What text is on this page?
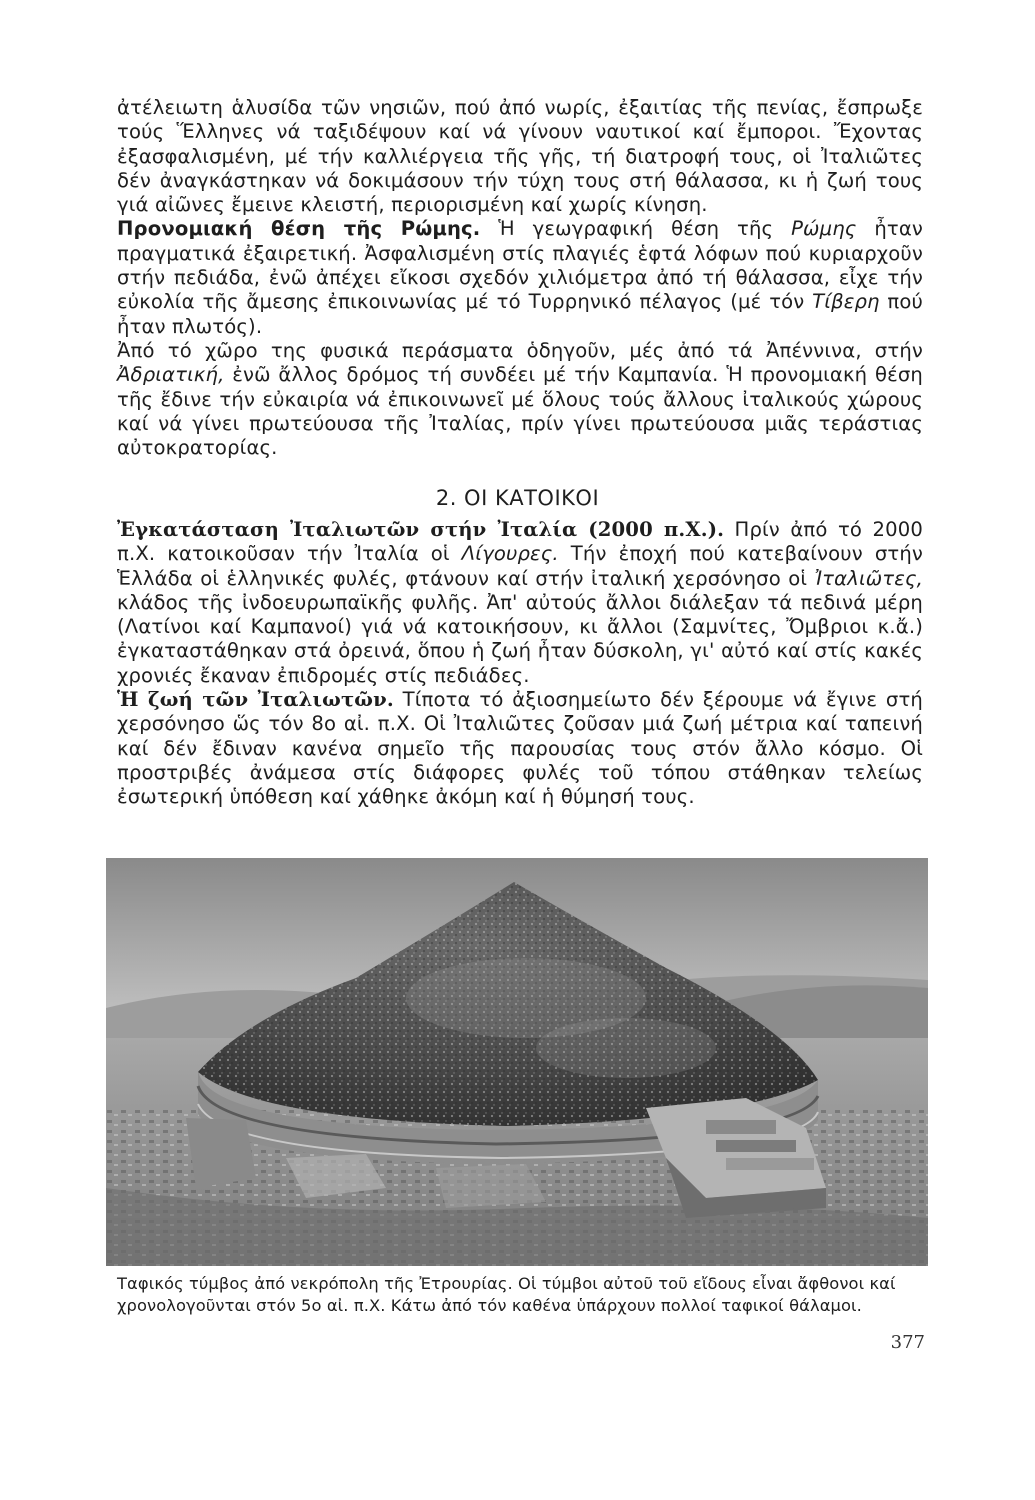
ἀτέλειωτη ἁλυσίδα τῶν νησιῶν, πού ἀπό νωρίς, ἐξαιτίας τῆς πενίας, ἔσπρωξε τούς Ἕλληνες νά ταξιδέψουν καί νά γίνουν ναυτικοί καί ἔμποροι. Ἔχοντας ἐξασφαλισμένη, μέ τήν καλλιέργεια τῆς γῆς, τή διατροφή τους, οἱ Ἰταλιῶτες δέν ἀναγκάστηκαν νά δοκιμάσουν τήν τύχη τους στή θάλασσα, κι ἡ ζωή τους γιά αἰῶνες ἔμεινε κλειστή, περιορισμένη καί χωρίς κίνηση.

Προνομιακή θέση τῆς Ρώμης. Ἡ γεωγραφική θέση τῆς Ρώμης ἦταν πραγματικά ἐξαιρετική. Ἀσφαλισμένη στίς πλαγιές ἑφτά λόφων πού κυριαρχοῦν στήν πεδιάδα, ἐνῶ ἀπέχει εἴκοσι σχεδόν χιλιόμετρα ἀπό τή θάλασσα, εἶχε τήν εὐκολία τῆς ἄμεσης ἐπικοινωνίας μέ τό Τυρρηνικό πέλαγος (μέ τόν Τίβερη πού ἦταν πλωτός).

Ἀπό τό χῶρο της φυσικά περάσματα ὁδηγοῦν, μές ἀπό τά Ἀπέννινα, στήν Ἀδριατική, ἐνῶ ἄλλος δρόμος τή συνδέει μέ τήν Καμπανία. Ἡ προνομιακή θέση τῆς ἔδινε τήν εὐκαιρία νά ἐπικοινωνεῖ μέ ὅλους τούς ἄλλους ἰταλικούς χώρους καί νά γίνει πρωτεύουσα τῆς Ἰταλίας, πρίν γίνει πρωτεύουσα μιᾶς τεράστιας αὐτοκρατορίας.

2. ΟΙ ΚΑΤΟΙΚΟΙ

Ἐγκατάσταση Ἰταλιωτῶν στήν Ἰταλία (2000 π.Χ.). Πρίν ἀπό τό 2000 π.Χ. κατοικοῦσαν τήν Ἰταλία οἱ Λίγουρες. Τήν ἐποχή πού κατεβαίνουν στήν Ἑλλάδα οἱ ἑλληνικές φυλές, φτάνουν καί στήν ἰταλική χερσόνησο οἱ Ἰταλιῶτες, κλάδος τῆς ἰνδοευρωπαϊκῆς φυλῆς. Ἀπ' αὐτούς ἄλλοι διάλεξαν τά πεδινά μέρη (Λατίνοι καί Καμπανοί) γιά νά κατοικήσουν, κι ἄλλοι (Σαμνίτες, Ὄμβριοι κ.ἄ.) ἐγκαταστάθηκαν στά ὀρεινά, ὅπου ἡ ζωή ἦταν δύσκολη, γι' αὐτό καί στίς κακές χρονιές ἔκαναν ἐπιδρομές στίς πεδιάδες.

Ἡ ζωή τῶν Ἰταλιωτῶν. Τίποτα τό ἀξιοσημείωτο δέν ξέρουμε νά ἔγινε στή χερσόνησο ὥς τόν 8ο αἰ. π.Χ. Οἱ Ἰταλιῶτες ζοῦσαν μιά ζωή μέτρια καί ταπεινή καί δέν ἔδιναν κανένα σημεῖο τῆς παρουσίας τους στόν ἄλλο κόσμο. Οἱ προστριβές ἀνάμεσα στίς διάφορες φυλές τοῦ τόπου στάθηκαν τελείως ἐσωτερική ὑπόθεση καί χάθηκε ἀκόμη καί ἡ θύμησή τους.

Ταφικός τύμβος ἀπό νεκρόπολη τῆς Ἐτρουρίας. Οἱ τύμβοι αὐτοῦ τοῦ εἴδους εἶναι ἄφθονοι καί χρονολογοῦνται στόν 5ο αἰ. π.Χ. Κάτω ἀπό τόν καθένα ὑπάρχουν πολλοί ταφικοί θάλαμοι.
377
